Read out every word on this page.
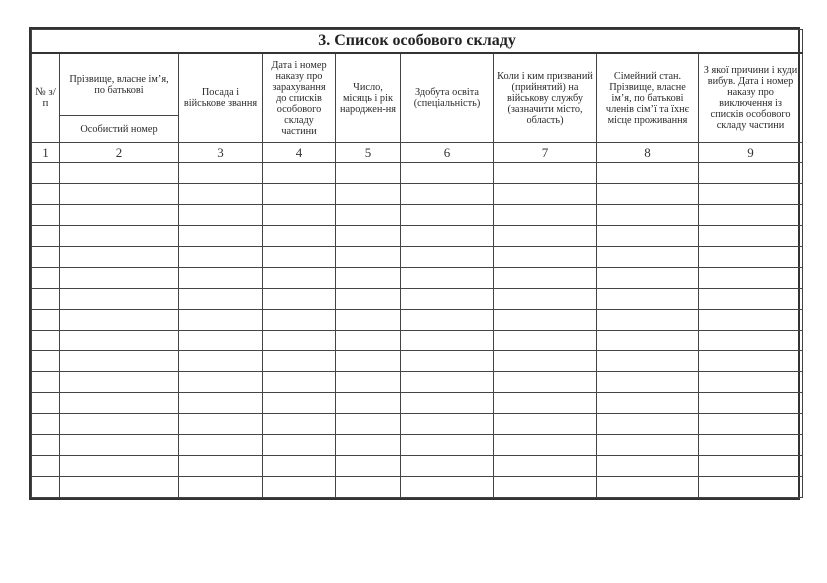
3. Список особового складу								

№ з/п	Прізвище, власне ім’я, по батькові	Посада і військове звання	Дата і номер наказу про зарахування до списків особового складу частини	Число, місяць і рік народжен-ня	Здобута освіта (спеціальність)	Коли і ким призваний (прийнятий) на військову службу (зазначити місто, область)	Сімейний стан. Прізвище, власне ім’я, по батькові членів сім’ї та їхнє місце проживання	З якої причини і куди вибув. Дата і номер наказу про виключення із списків особового складу частини

	Особистий номер							

1	2	3	4	5	6	7	8	9
